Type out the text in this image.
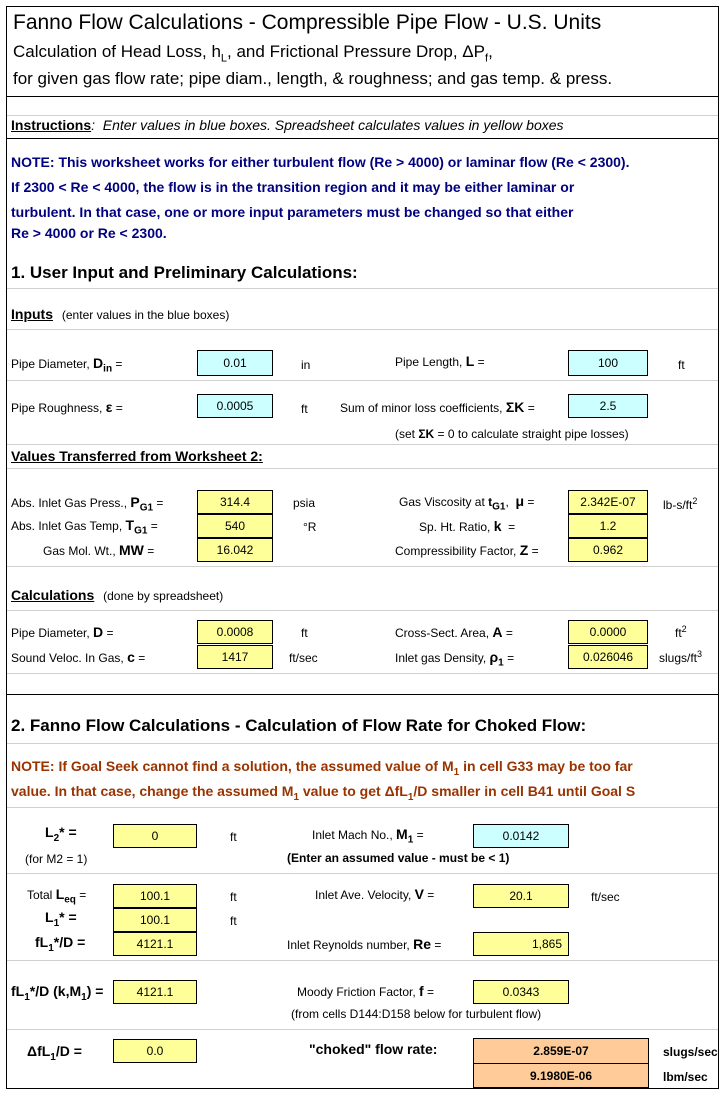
Fanno Flow Calculations - Compressible Pipe Flow - U.S. Units
Calculation of Head Loss, $h_L$, and Frictional Pressure Drop, $\Delta P_f$,
for given gas flow rate; pipe diam., length, & roughness; and gas temp. & press.
Instructions: Enter values in blue boxes. Spreadsheet calculates values in yellow boxes
NOTE: This worksheet works for either turbulent flow (Re > 4000) or laminar flow (Re < 2300).
If 2300 < Re < 4000, the flow is in the transition region and it may be either laminar or
turbulent. In that case, one or more input parameters must be changed so that either
Re > 4000 or Re < 2300.
1. User Input and Preliminary Calculations:
Inputs (enter values in the blue boxes)
Pipe Diameter, $D_{in}$ =	0.01	in	Pipe Length, L =	100	ft
Pipe Roughness, ε =	0.0005	ft	Sum of minor loss coefficients, ΣK =	2.5
(set ΣK = 0 to calculate straight pipe losses)
Values Transferred from Worksheet 2:
Abs. Inlet Gas Press., $P_{G1}$ =	314.4	psia	Gas Viscosity at $t_{G1}$,  μ =	2.342E-07	$lb-s/ft^2$
Abs. Inlet Gas Temp, $T_{G1}$ =	540	°R	Sp. Ht. Ratio, k  =	1.2
Gas Mol. Wt., MW =	16.042	Compressibility Factor, Z =	0.962
Calculations (done by spreadsheet)
Pipe Diameter, D =	0.0008	ft	Cross-Sect. Area, A =	0.0000	$ft^2$
Sound Veloc. In Gas, c =	1417	ft/sec	Inlet gas Density, $\rho_1$ =	0.026046	slugs/$ft^3$
2. Fanno Flow Calculations - Calculation of Flow Rate for Choked Flow:
NOTE: If Goal Seek cannot find a solution, the assumed value of $M_1$ in cell G33 may be too far
value. In that case, change the assumed $M_1$ value to get ΔfL$_1$/D smaller in cell B41 until Goal S
$L_2*$ =	0	ft
(for M2 = 1)
Inlet Mach No., $M_1$ =	0.0142
(Enter an assumed value - must be < 1)
Total $L_{eq}$ =	100.1	ft	Inlet Ave. Velocity, V =	20.1	ft/sec
$L_1*$ =	100.1	ft
$fL_1*/D$ =	4121.1	Inlet Reynolds number, Re =	1,865
$fL_1*/D$ $(k,M_1)$ =	4121.1	Moody Friction Factor, f =	0.0343
(from cells D144:D158 below for turbulent flow)
ΔfL$_1$/D =	0.0	"choked" flow rate:	2.859E-07	slugs/sec
9.1980E-06	lbm/sec
